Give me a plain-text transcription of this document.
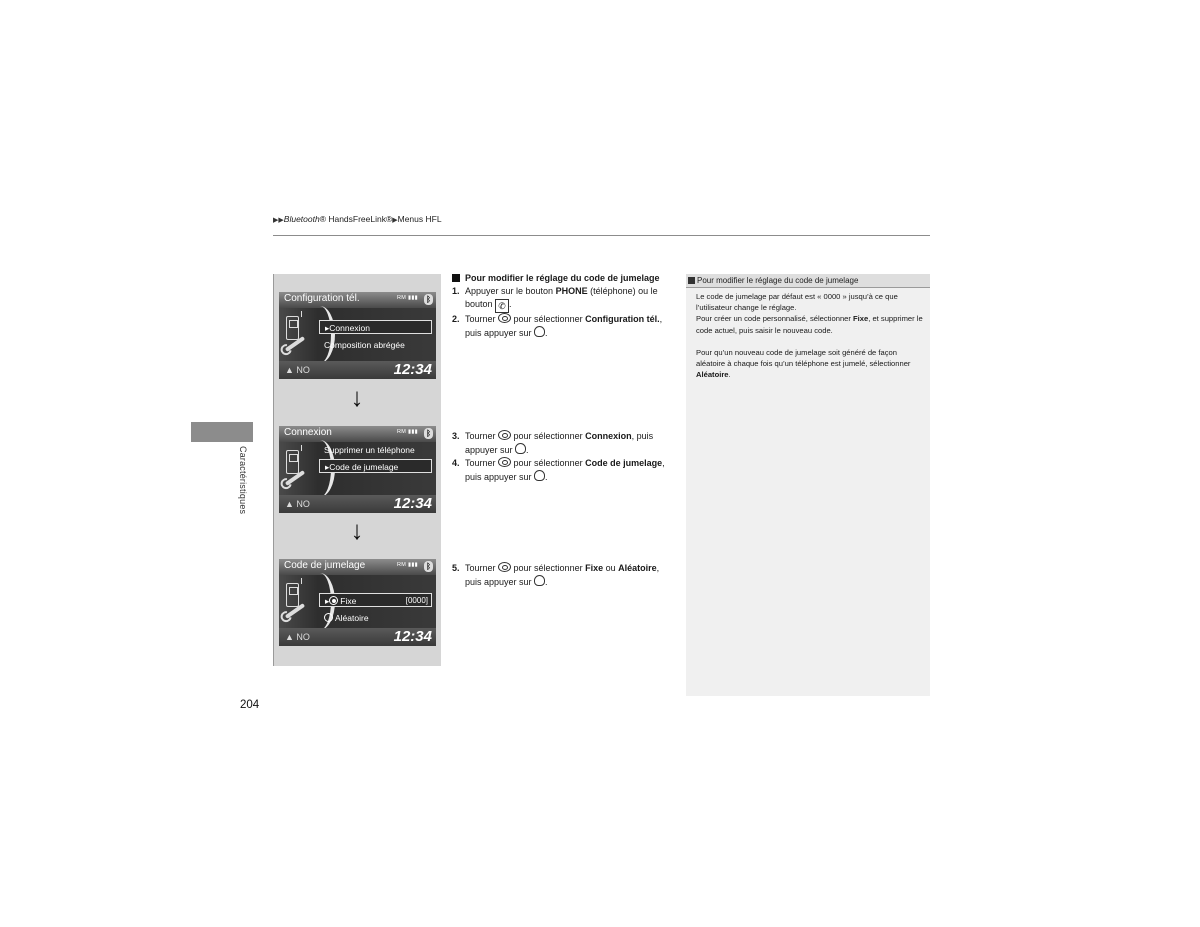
▶▶Bluetooth® HandsFreeLink®▶Menus HFL
Caractéristiques
Configuration tél.	RM ▮▮▮ ᛒ
▸Connexion
Composition abrégée
▲ NO	12:34
↓
Connexion	RM ▮▮▮ ᛒ
Supprimer un téléphone
▸Code de jumelage
▲ NO	12:34
↓
Code de jumelage	RM ▮▮▮ ᛒ
▸ Fixe	[0000]
Aléatoire
▲ NO	12:34
Pour modifier le réglage du code de jumelage
1. Appuyer sur le bouton PHONE (téléphone) ou le bouton ✆ .
2. Tourner  pour sélectionner Configuration tél., puis appuyer sur .
3. Tourner  pour sélectionner Connexion, puis appuyer sur .
4. Tourner  pour sélectionner Code de jumelage, puis appuyer sur .
5. Tourner  pour sélectionner Fixe ou Aléatoire, puis appuyer sur .
Pour modifier le réglage du code de jumelage

Le code de jumelage par défaut est « 0000 » jusqu’à ce que l’utilisateur change le réglage.
Pour créer un code personnalisé, sélectionner Fixe, et supprimer le code actuel, puis saisir le nouveau code.

Pour qu’un nouveau code de jumelage soit généré de façon aléatoire à chaque fois qu’un téléphone est jumelé, sélectionner Aléatoire.

204
